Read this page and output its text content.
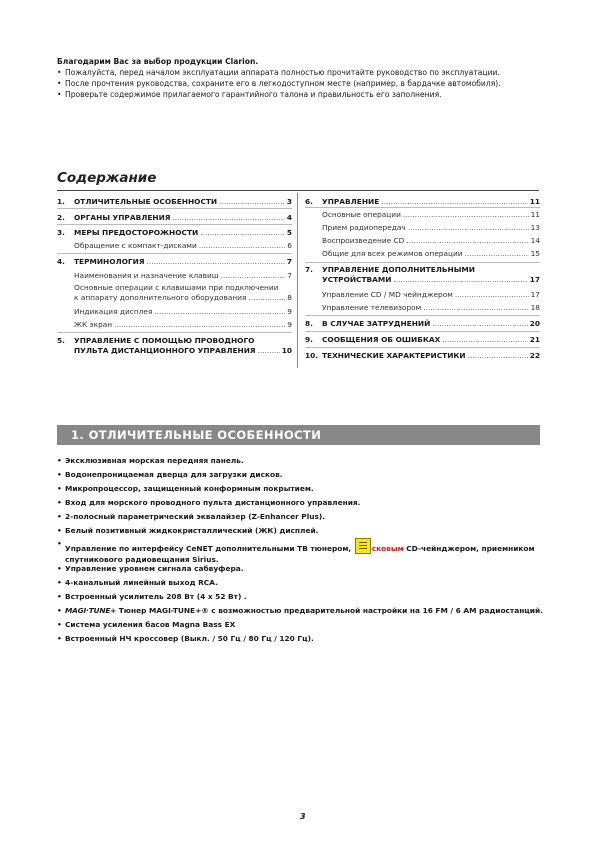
Благодарим Вас за выбор продукции Clarion.
• Пожалуйста, перед началом эксплуатации аппарата полностью прочитайте руководство по эксплуатации.
• После прочтения руководства, сохраните его в легкодоступном месте (например, в бардачке автомобиля).
• Проверьте содержимое прилагаемого гарантийного талона и правильность его заполнения.
Содержание
1.	ОТЛИЧИТЕЛЬНЫЕ ОСОБЕННОСТИ .....	3
2.	ОРГАНЫ УПРАВЛЕНИЯ .....	4
3.	МЕРЫ ПРЕДОСТОРОЖНОСТИ .....	5
Обращение с компакт-дисками .....	6
4.	ТЕРМИНОЛОГИЯ .....	7
Наименования и назначение клавиш .....	7
Основные операции с клавишами при подключении
к аппарату дополнительного оборудования .....	8
Индикация дисплея .....	9
ЖК экран .....	9
5.	УПРАВЛЕНИЕ С ПОМОЩЬЮ ПРОВОДНОГО
ПУЛЬТА ДИСТАНЦИОННОГО УПРАВЛЕНИЯ .....	10
6.	УПРАВЛЕНИЕ .....	11
Основные операции .....	11
Прием радиопередач .....	13
Воспроизведение CD .....	14
Общие для всех режимов операции .....	15
7.	УПРАВЛЕНИЕ ДОПОЛНИТЕЛЬНЫМИ
УСТРОЙСТВАМИ .....	17
Управление CD / MD чейнджером .....	17
Управление телевизором .....	18
8.	В СЛУЧАЕ ЗАТРУДНЕНИЙ .....	20
9.	СООБЩЕНИЯ ОБ ОШИБКАХ .....	21
10. ТЕХНИЧЕСКИЕ ХАРАКТЕРИСТИКИ .....	22
1. ОТЛИЧИТЕЛЬНЫЕ ОСОБЕННОСТИ
• Эксклюзивная морская передняя панель.
• Водонепроницаемая дверца для загрузки дисков.
• Микропроцессор, защищенный конформным покрытием.
• Вход для морского проводного пульта дистанционного управления.
• 2-полосный параметрический эквалайзер (Z-Enhancer Plus).
• Белый позитивный жидкокристаллический (ЖК) дисплей.
• Управление по интерфейсу CeNET дополнительными ТВ тюнером,
сковым CD-чейнджером, приемником
спутникового радиовещания Sirius.
• Управление уровнем сигнала сабвуфера.
• 4-канальный линейный выход RCA.
• Встроенный усилитель 208 Вт (4 x 52 Вт) .
• MAGI·TUNE+ Тюнер MAGI-TUNE+® с возможностью предварительной настройки на 16 FM / 6 AM радиостанций.
• Система усиления басов Magna Bass EX
• Встроенный НЧ кроссовер (Выкл. / 50 Гц / 80 Гц / 120 Гц).
3
